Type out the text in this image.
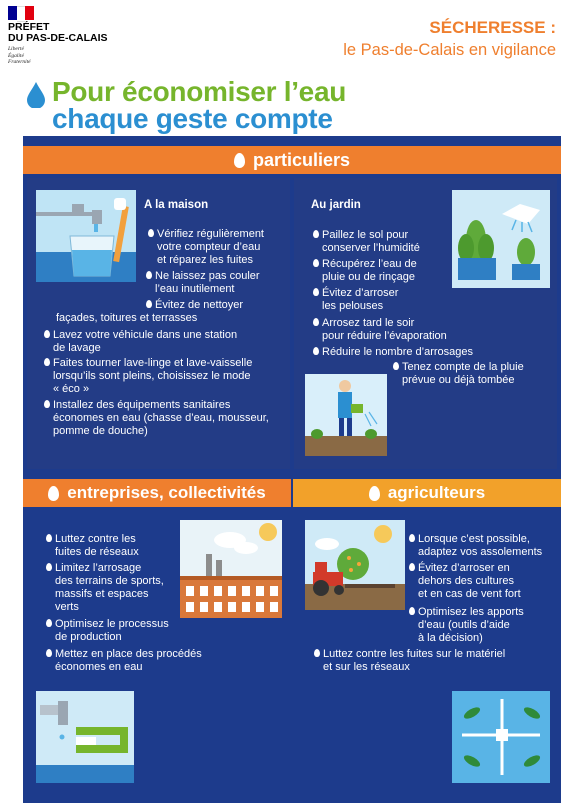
PRÉFET
DU PAS-DE-CALAIS
Liberté
Égalité
Fraternité
SÉCHERESSE :
le Pas-de-Calais en vigilance
Pour économiser l’eau
chaque geste compte
particuliers
A la maison
Vérifiez régulièrement
votre compteur d’eau
et réparez les fuites
Ne laissez pas couler
l’eau inutilement
Évitez de nettoyer
façades, toitures et terrasses
Lavez votre véhicule dans une station
de lavage
Faites tourner lave-linge et lave-vaisselle
lorsqu’ils sont pleins, choisissez le mode
« éco »
Installez des équipements sanitaires
économes en eau (chasse d’eau, mousseur,
pomme de douche)
Au jardin
Paillez le sol pour
conserver l’humidité
Récupérez l’eau de
pluie ou de rinçage
Évitez d’arroser
les pelouses
Arrosez tard le soir
pour réduire l’évaporation
Réduire le nombre d’arrosages
Tenez compte de la pluie
prévue ou déjà tombée
entreprises, collectivités	agriculteurs
Luttez contre les
fuites de réseaux
Limitez l’arrosage
des terrains de sports,
massifs et espaces
verts
Optimisez le processus
de production
Mettez en place des procédés
économes en eau
Lorsque c’est possible,
adaptez vos assolements
Évitez d’arroser en
dehors des cultures
et en cas de vent fort
Optimisez les apports
d’eau (outils d’aide
à la décision)
Luttez contre les fuites sur le matériel
et sur les réseaux
